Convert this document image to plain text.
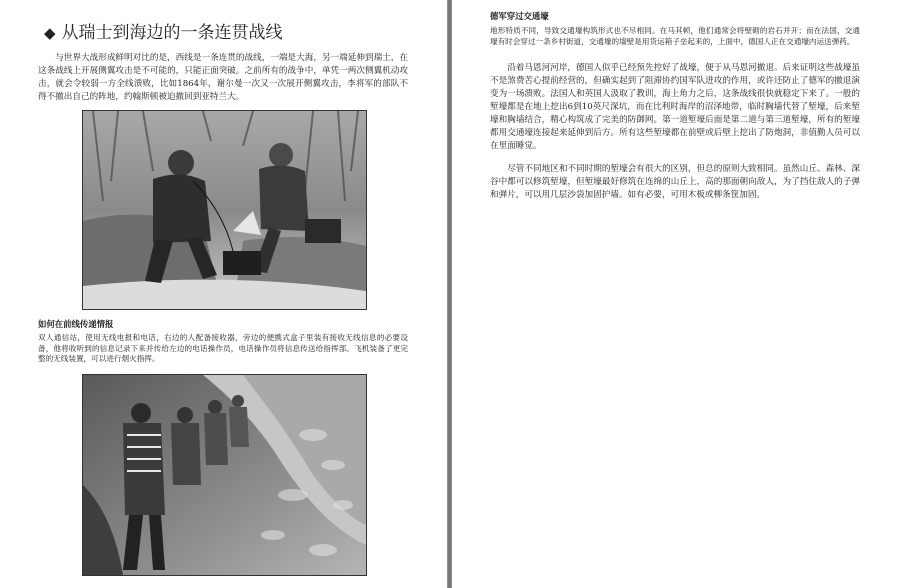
◆ 从瑞士到海边的一条连贯战线

与世界大战形成鲜明对比的是，西线是一条连贯的战线，一端是大海，另一端延伸到瑞士，在这条战线上开展侧翼攻击是不可能的，只能正面突破。之前所有的战争中，单凭一两次侧翼机动攻击，就会令较弱一方全线溃败，比如1864年，谢尔曼一次又一次展开侧翼攻击，李将军的部队不得不撤出自己的阵地，约翰斯顿被迫撤回到亚特兰大。

如何在前线传递情报

双人通信站，使用无线电报和电话，右边的人配备接收器，旁边的便携式盒子里装有接收无线信息的必要设备，他将收听到的信息记录下来并传给左边的电话操作员，电话操作员将信息传送给指挥部。飞机装备了更完整的无线装置，可以进行烟火指挥。

德军穿过交通壕

地形特质不同，导致交通壕构筑形式也不尽相同。在马其顿，他们通常会将壁砌的岩石并开；而在法国，交通壕有时会穿过一条乡村街道，交通壕的墙壁是用货运箱子垒起来的，上面中，德国人正在交通壕内运送弹药。

沿着马恩河河岸，德国人似乎已经预先控好了战壕，便于从马恩河撤退。后来证明这些战壕虽不是煞费苦心提前经营的，但确实起到了阻滞协约国军队进攻的作用，或许还防止了德军的撤退演变为一场溃败。法国人和英国人汲取了教训，海上角力之后，这条战线很快就稳定下来了。一般的堑壕都是在地上挖出6到10英尺深坑，而在比利时海岸的沼泽地带，临时胸墙代替了堑壕，后来堑壕和胸墙结合，精心构筑成了完美的防御网。第一道堑壕后面是第二道与第三道堑壕，所有的堑壕都用交通壕连接起来延伸到后方。所有这些堑壕都在前壁或后壁上挖出了防炮洞，非值勤人员可以在里面睡觉。

尽管不同地区和不同时期的堑壕会有很大的区别，但总的原则大致相同。虽然山丘、森林、深谷中都可以修筑堑壕，但堑壕最好修筑在连绵的山丘上，高的那面朝向敌人，为了挡住敌人的子弹和弹片，可以用几层沙袋加固护墙。如有必要，可用木板或柳条筐加固。
